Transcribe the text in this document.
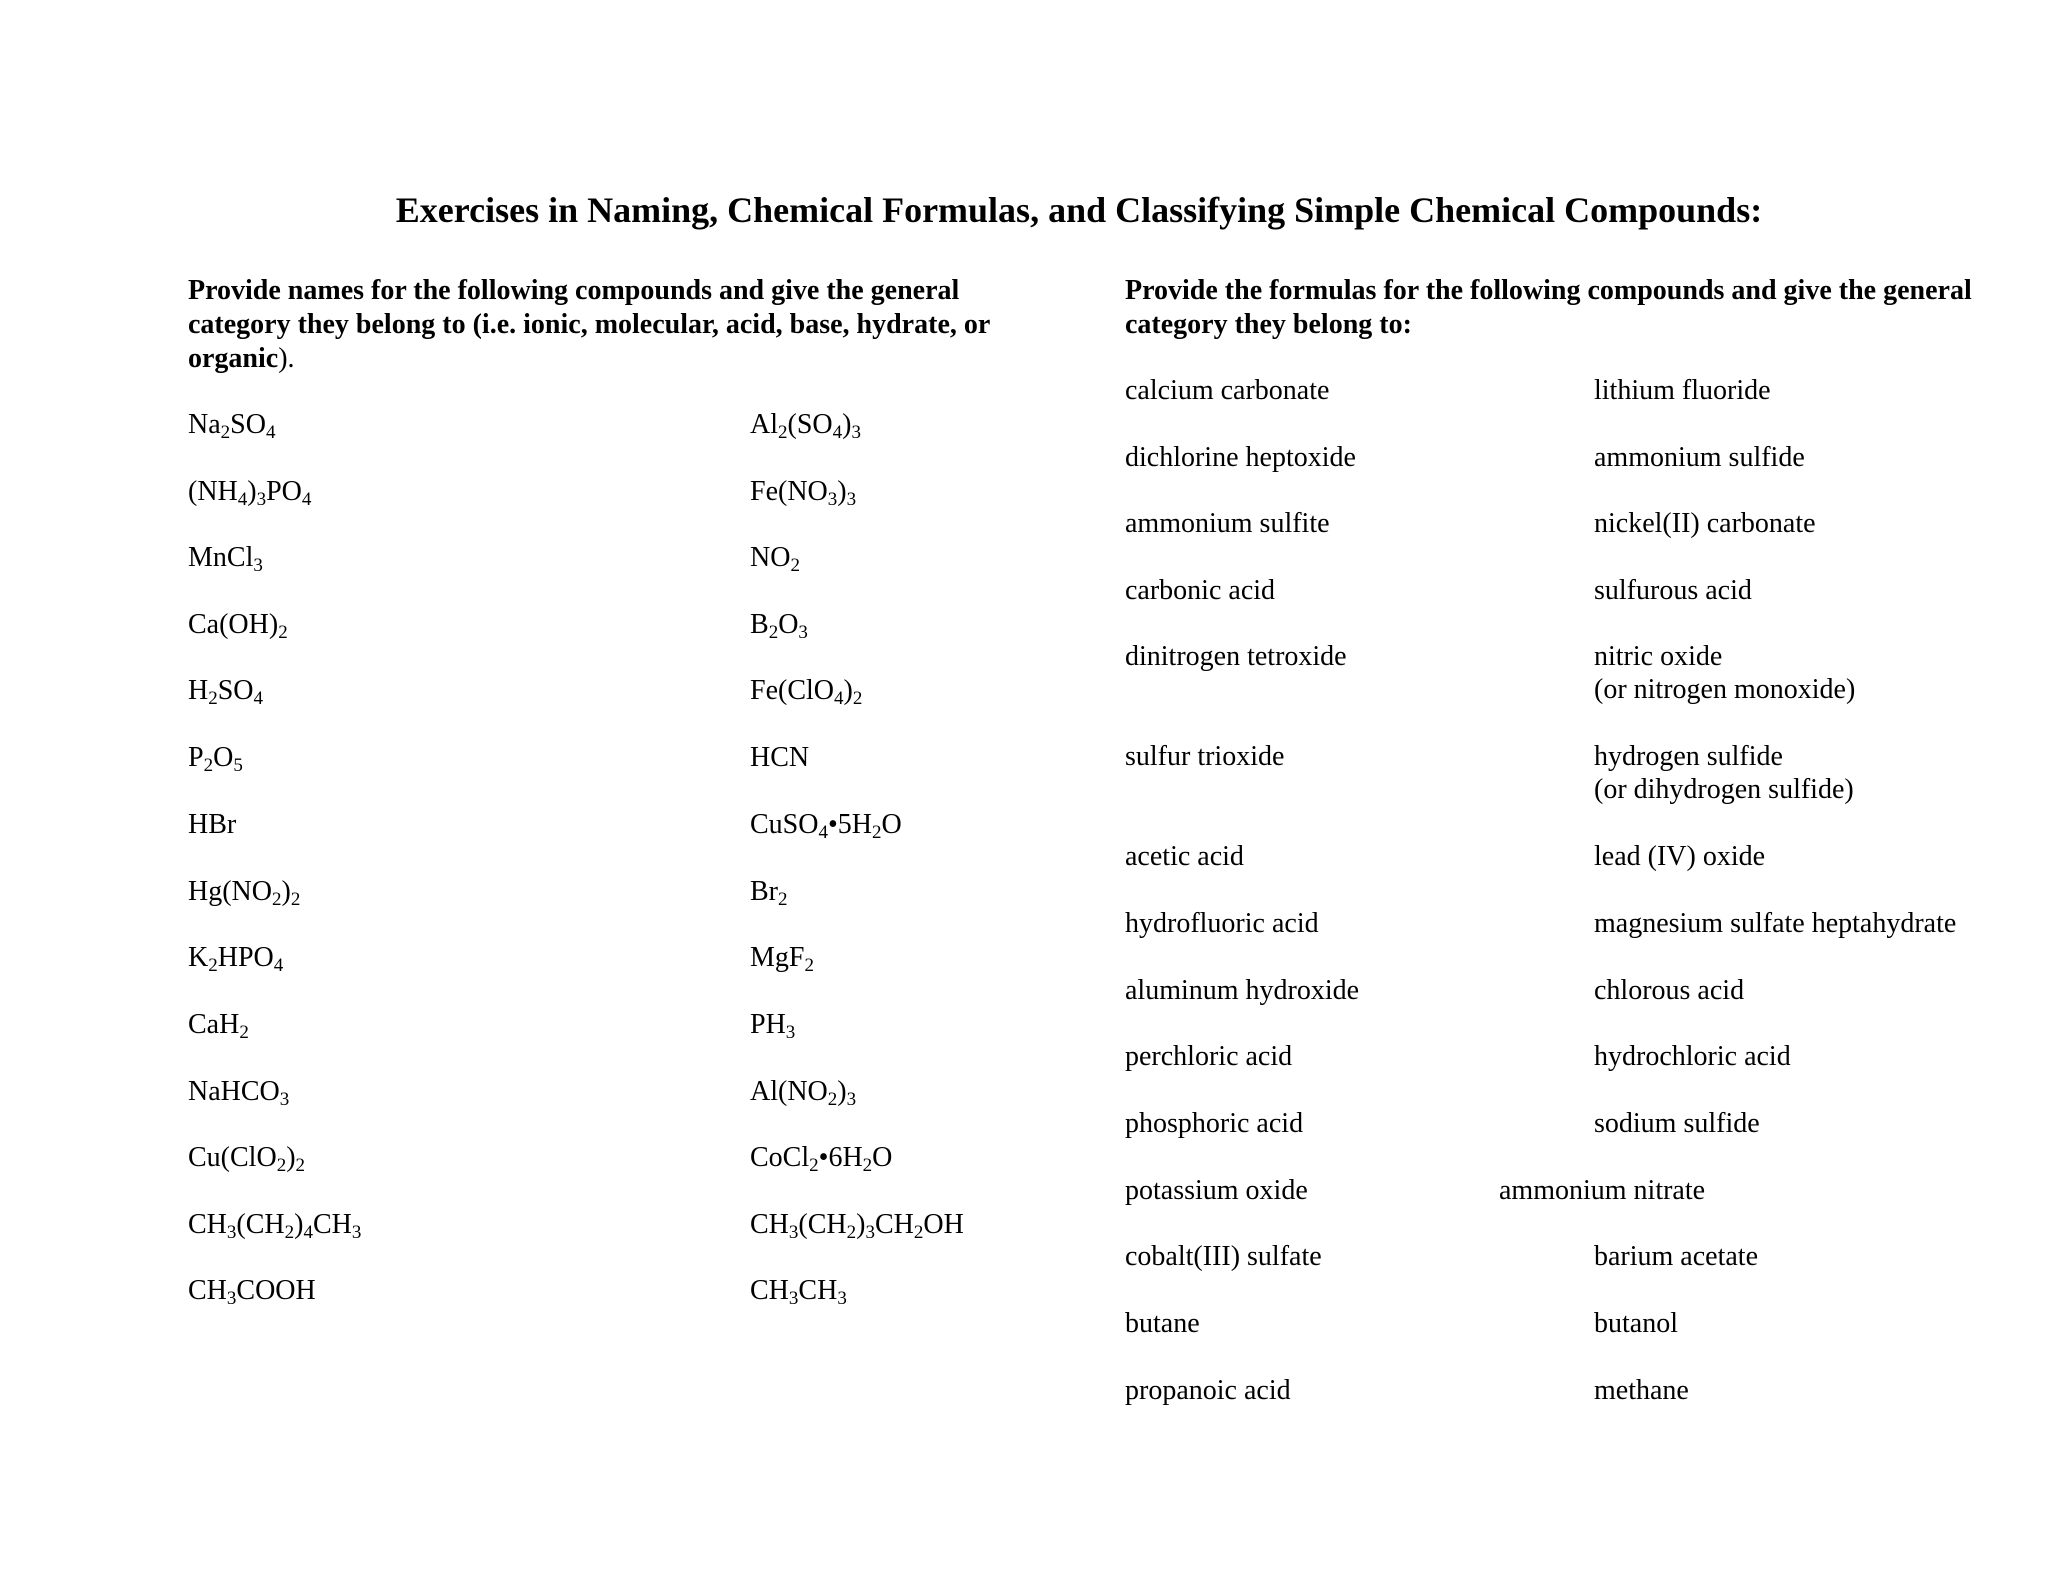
Exercises in Naming, Chemical Formulas, and Classifying Simple Chemical Compounds:

Provide names for the following compounds and give the general category they belong to (i.e. ionic, molecular, acid, base, hydrate, or organic).

Provide the formulas for the following compounds and give the general category they belong to:

$Na_2SO_4$
$(NH_4)_3PO_4$
MnCl$_3$
$Ca(OH)_2$
$H_2SO_4$
$P_2O_5$
HBr
$Hg(NO_2)_2$
$K_2HPO_4$
CaH$_2$
NaHCO$_3$
$Cu(ClO_2)_2$
$CH_3(CH_2)_4CH_3$
$CH_3COOH$
$Al_2(SO_4)_3$
$Fe(NO_3)_3$
$NO_2$
$B_2O_3$
$Fe(ClO_4)_2$
HCN
$CuSO_4•5H_2O$
$Br_2$
MgF$_2$
$PH_3$
$Al(NO_2)_3$
$CoCl_2•6H_2O$
$CH_3(CH_2)_3CH_2OH$
$CH_3CH_3$
calcium carbonate
dichlorine heptoxide
ammonium sulfite
carbonic acid
dinitrogen tetroxide
sulfur trioxide
acetic acid
hydrofluoric acid
aluminum hydroxide
perchloric acid
phosphoric acid
potassium oxide
cobalt(III) sulfate
butane
propanoic acid
lithium fluoride
ammonium sulfide
nickel(II) carbonate
sulfurous acid
nitric oxide
(or nitrogen monoxide)
hydrogen sulfide
(or dihydrogen sulfide)
lead (IV) oxide
magnesium sulfate heptahydrate
chlorous acid
hydrochloric acid
sodium sulfide
ammonium nitrate
barium acetate
butanol
methane
